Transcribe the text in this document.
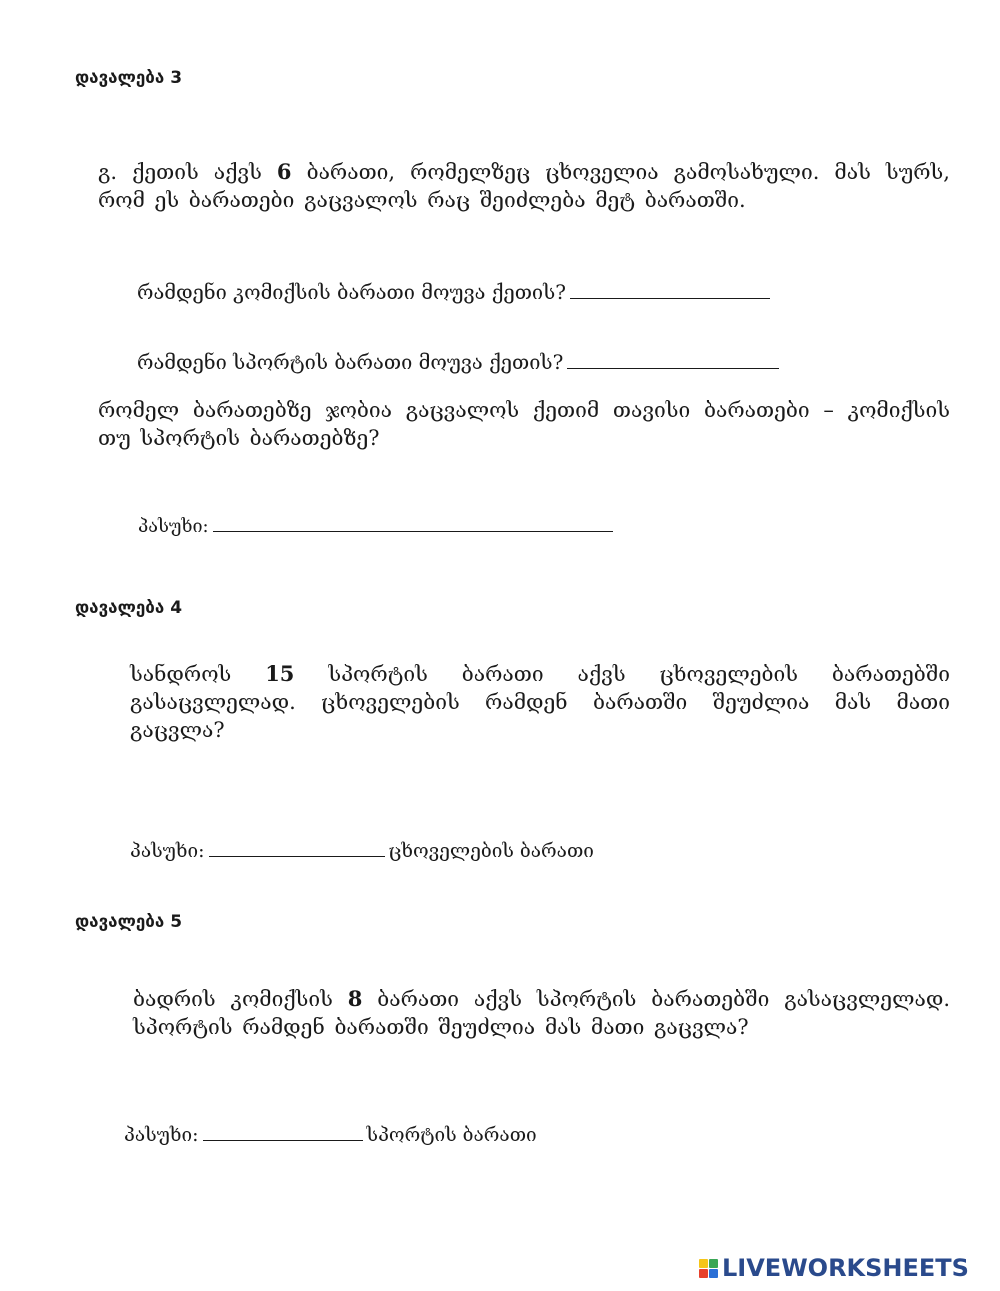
დავალება 3
გ. ქეთის აქვს 6 ბარათი, რომელზეც ცხოველია გამოსახული. მას სურს, რომ ეს ბარათები გაცვალოს რაც შეიძლება მეტ ბარათში.
რამდენი კომიქსის ბარათი მოუვა ქეთის?
რამდენი სპორტის ბარათი მოუვა ქეთის?
რომელ ბარათებზე ჯობია გაცვალოს ქეთიმ თავისი ბარათები – კომიქსის თუ სპორტის ბარათებზე?
პასუხი:
დავალება 4
სანდროს 15 სპორტის ბარათი აქვს ცხოველების ბარათებში გასაცვლელად. ცხოველების რამდენ ბარათში შეუძლია მას მათი გაცვლა?
პასუხი:	ცხოველების ბარათი
დავალება 5
ბადრის კომიქსის 8 ბარათი აქვს სპორტის ბარათებში გასაცვლელად. სპორტის რამდენ ბარათში შეუძლია მას მათი გაცვლა?
პასუხი:	სპორტის ბარათი
LIVEWORKSHEETS
